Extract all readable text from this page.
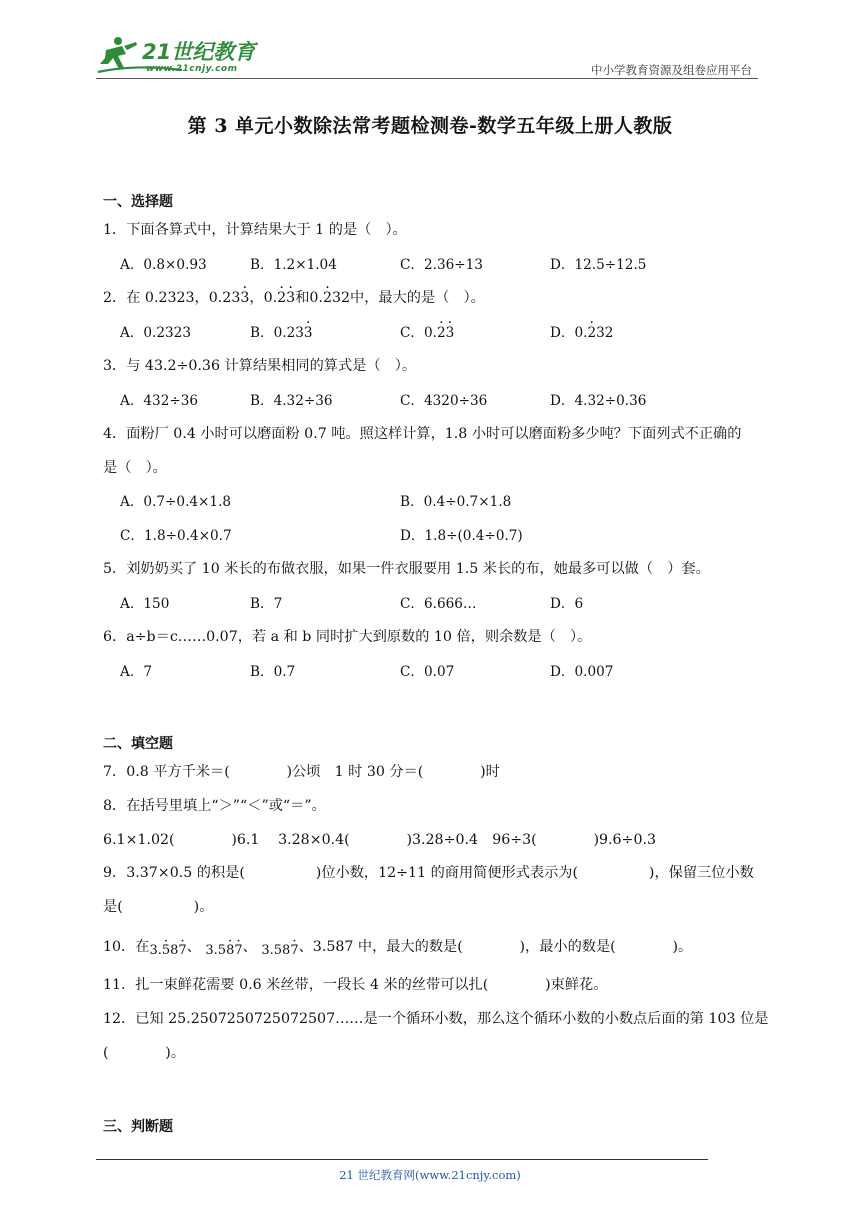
21世纪教育
www.21cnjy.com	中小学教育资源及组卷应用平台
第 3 单元小数除法常考题检测卷-数学五年级上册人教版
一、选择题
1．下面各算式中，计算结果大于 1 的是（　）。
A．0.8×0.93	B．1.2×1.04	C．2.36÷13	D．12.5÷12.5
2．在 0.2323，0.233 ·，0.2 ·3 ·和0.2 ·32中，最大的是（　）。
A．0.2323	B．0.233 ·	C．0.2 ·3 ·	D．0.2 ·32
3．与 43.2÷0.36 计算结果相同的算式是（　）。
A．432÷36	B．4.32÷36	C．4320÷36	D．4.32÷0.36
4．面粉厂 0.4 小时可以磨面粉 0.7 吨。照这样计算，1.8 小时可以磨面粉多少吨？下面列式不正确的
是（　）。
A．0.7÷0.4×1.8	B．0.4÷0.7×1.8
C．1.8÷0.4×0.7	D．1.8÷(0.4÷0.7)
5．刘奶奶买了 10 米长的布做衣服，如果一件衣服要用 1.5 米长的布，她最多可以做（　）套。
A．150	B．7	C．6.666…	D．6
6．a÷b＝c……0.07，若 a 和 b 同时扩大到原数的 10 倍，则余数是（　）。
A．7	B．0.7	C．0.07	D．0.007
二、填空题
7．0.8 平方千米＝(　　　　)公顷　1 时 30 分＝(　　　　)时
8．在括号里填上“＞”“＜”或“＝”。
6.1×1.02(　　　　)6.1　 3.28×0.4(　　　　)3.28÷0.4　96÷3(　　　　)9.6÷0.3
9．3.37×0.5 的积是(　　　　　)位小数，12÷11 的商用简便形式表示为(　　　　　)，保留三位小数
是(　　　　　)。
10．在3.5 ·87 ·、 3.58 ·7 ·、 3.587 ·、3.587 中，最大的数是(　　　　)，最小的数是(　　　　)。
11．扎一束鲜花需要 0.6 米丝带，一段长 4 米的丝带可以扎(　　　　)束鲜花。
12．已知 25.2507250725072507……是一个循环小数，那么这个循环小数的小数点后面的第 103 位是
(　　　　)。
三、判断题
21 世纪教育网(www.21cnjy.com)
